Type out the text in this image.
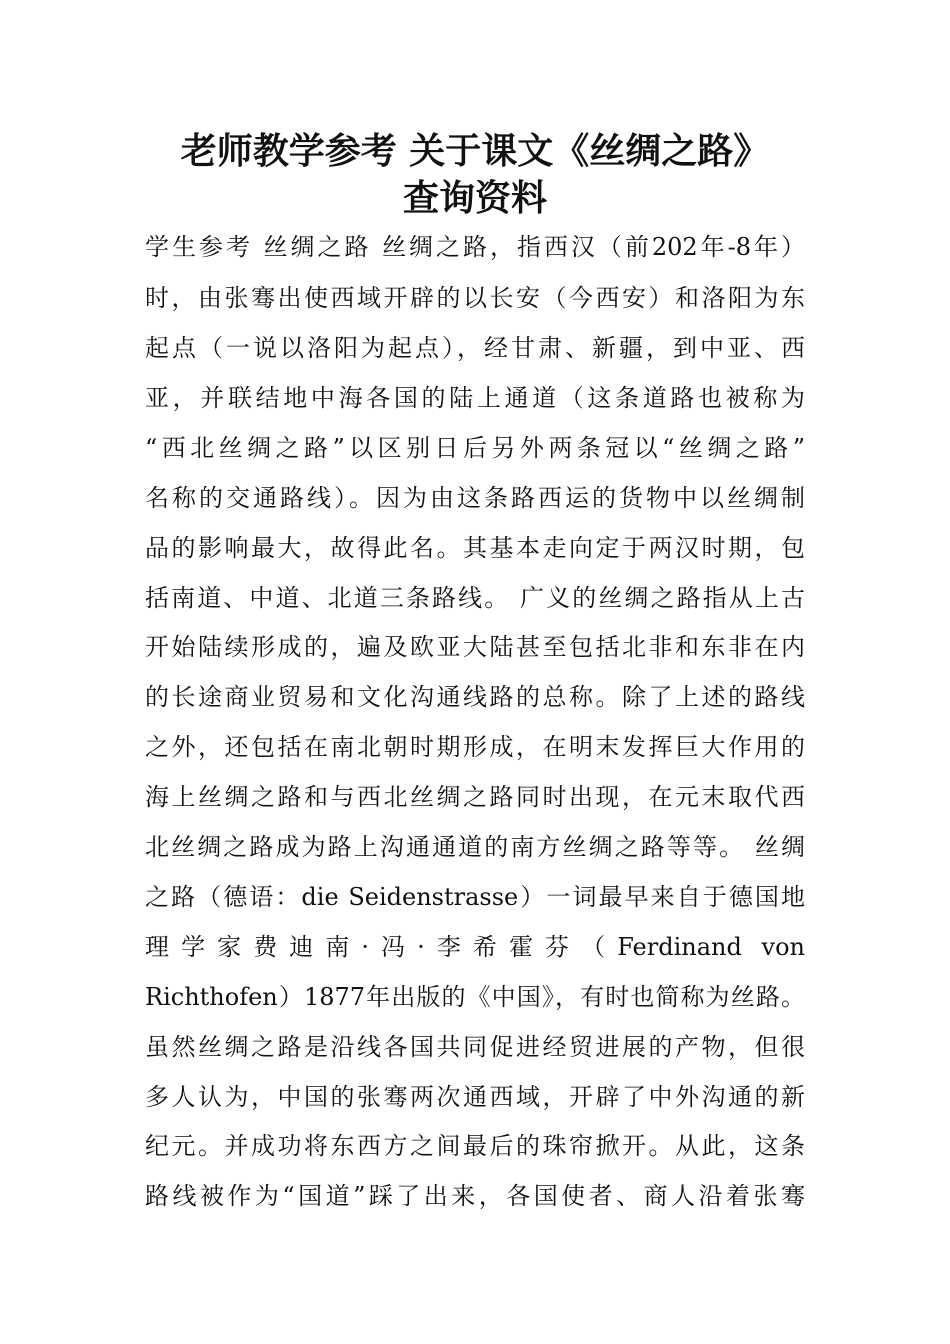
老师教学参考 关于课文《丝绸之路》
查询资料

学生参考 丝绸之路 丝绸之路，指西汉（前202年-8年）

时，由张骞出使西域开辟的以长安（今西安）和洛阳为东

起点（一说以洛阳为起点），经甘肃、新疆，到中亚、西

亚，并联结地中海各国的陆上通道（这条道路也被称为

“西北丝绸之路”以区别日后另外两条冠以“丝绸之路”

名称的交通路线）。因为由这条路西运的货物中以丝绸制

品的影响最大，故得此名。其基本走向定于两汉时期，包

括南道、中道、北道三条路线。 广义的丝绸之路指从上古

开始陆续形成的，遍及欧亚大陆甚至包括北非和东非在内

的长途商业贸易和文化沟通线路的总称。除了上述的路线

之外，还包括在南北朝时期形成，在明末发挥巨大作用的

海上丝绸之路和与西北丝绸之路同时出现，在元末取代西

北丝绸之路成为路上沟通通道的南方丝绸之路等等。 丝绸

之路（德语：die Seidenstrasse）一词最早来自于德国地

理学家费迪南·冯·李希霍芬（Ferdinand von

Richthofen）1877年出版的《中国》，有时也简称为丝路。

虽然丝绸之路是沿线各国共同促进经贸进展的产物，但很

多人认为，中国的张骞两次通西域，开辟了中外沟通的新

纪元。并成功将东西方之间最后的珠帘掀开。从此，这条

路线被作为“国道”踩了出来，各国使者、商人沿着张骞
